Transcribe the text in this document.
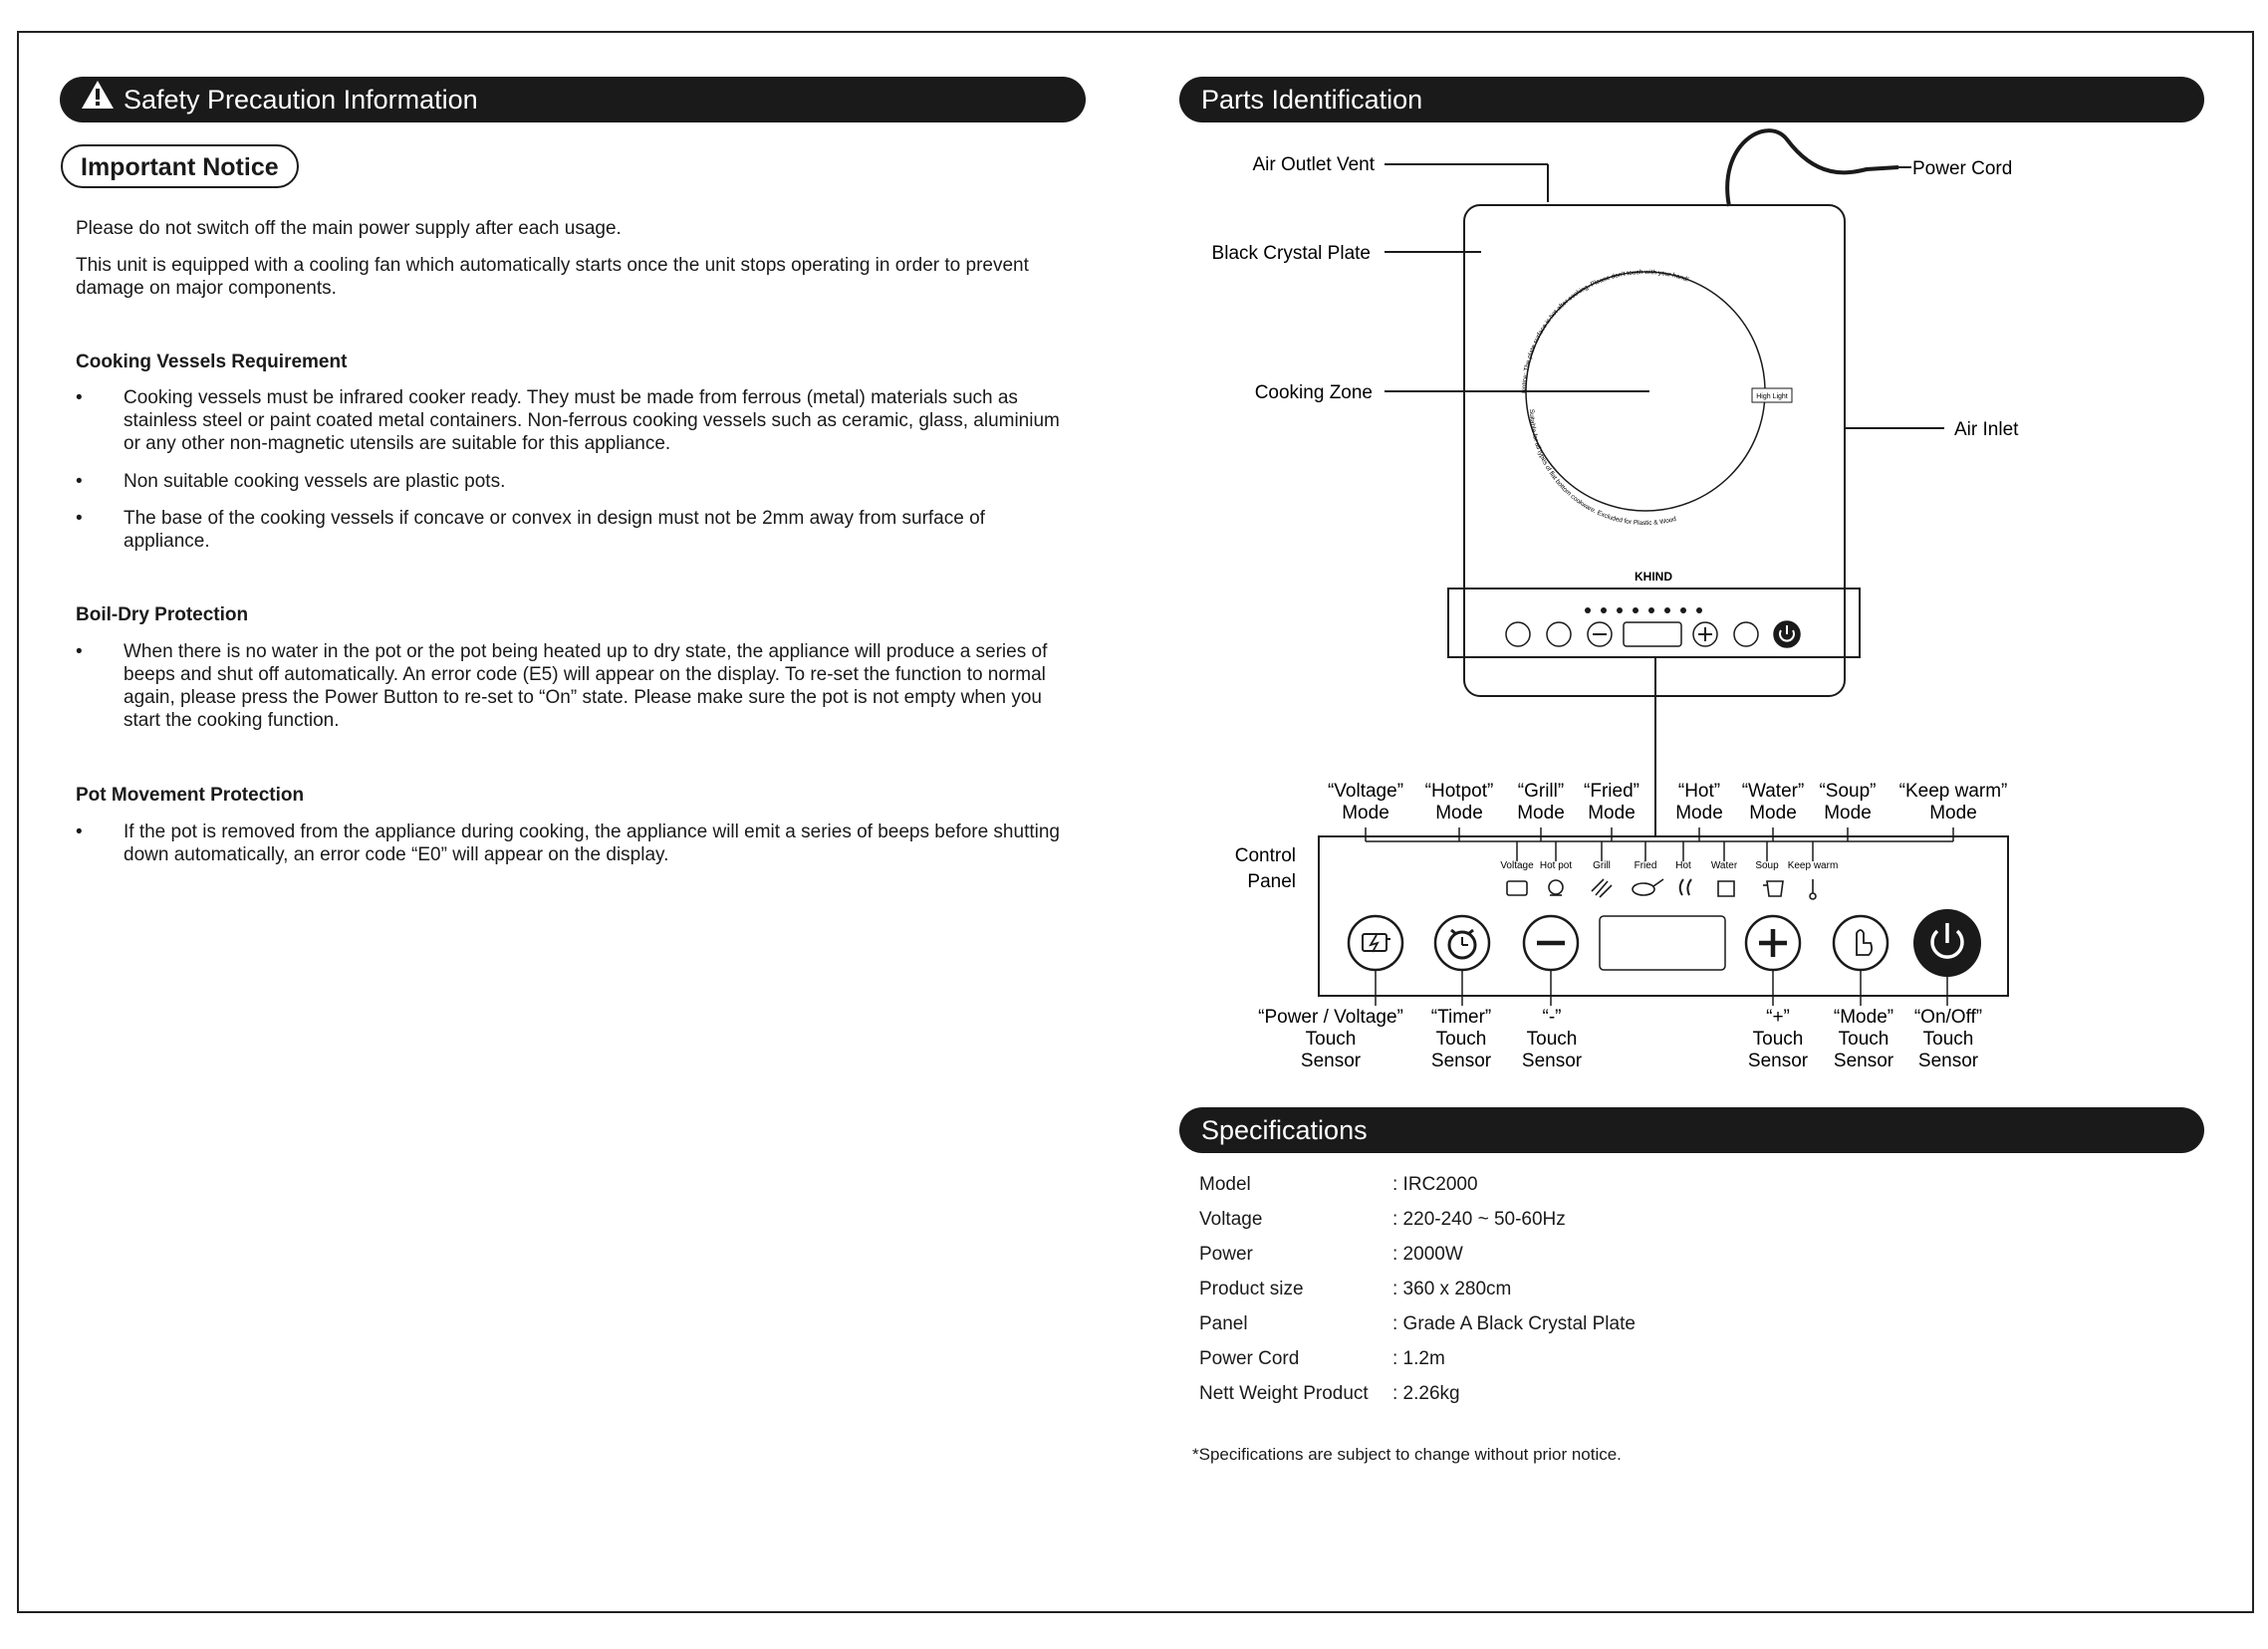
Safety Precaution Information
Important Notice

Please do not switch off the main power supply after each usage.

This unit is equipped with a cooling fan which automatically starts once the unit stops operating in order to prevent damage on major components.

Cooking Vessels Requirement

• Cooking vessels must be infrared cooker ready. They must be made from ferrous (metal) materials such as stainless steel or paint coated metal containers. Non-ferrous cooking vessels such as ceramic, glass, aluminium or any other non-magnetic utensils are suitable for this appliance.
• Non suitable cooking vessels are plastic pots.
• The base of the cooking vessels if concave or convex in design must not be 2mm away from surface of appliance.

Boil-Dry Protection

• When there is no water in the pot or the pot being heated up to dry state, the appliance will produce a series of beeps and shut off automatically. An error code (E5) will appear on the display. To re-set the function to normal again, please press the Power Button to re-set to “On” state. Please make sure the pot is not empty when you start the cooking function.

Pot Movement Protection

• If the pot is removed from the appliance during cooking, the appliance will emit a series of beeps before shutting down automatically, an error code “E0” will appear on the display.
Parts Identification
Notice: The plate surface is hot after cooking. Please don't touch with your hand!
Suitable for all types of flat bottom cookware. Excluded for Plastic & Wood
High Light
KHIND
Control
Panel
Voltage Hot pot Grill Fried Hot Water Soup Keep warm
Air Outlet Vent	Power Cord
Black Crystal Plate
Cooking Zone
Air Inlet
“Voltage”
Mode
“Hotpot”
Mode
“Grill”
Mode
“Fried”
Mode
“Hot”
Mode
“Water”
Mode
“Soup”
Mode
“Keep warm”
Mode
“Power / Voltage”
Touch
Sensor
“Timer”
Touch
Sensor
“-”
Touch
Sensor
“+”
Touch
Sensor
“Mode”
Touch
Sensor
“On/Off”
Touch
Sensor
Specifications
Model	: IRC2000
Voltage	: 220-240 ~ 50-60Hz
Power	: 2000W
Product size	: 360 x 280cm
Panel	: Grade A Black Crystal Plate
Power Cord	: 1.2m
Nett Weight Product : 2.26kg
*Specifications are subject to change without prior notice.
